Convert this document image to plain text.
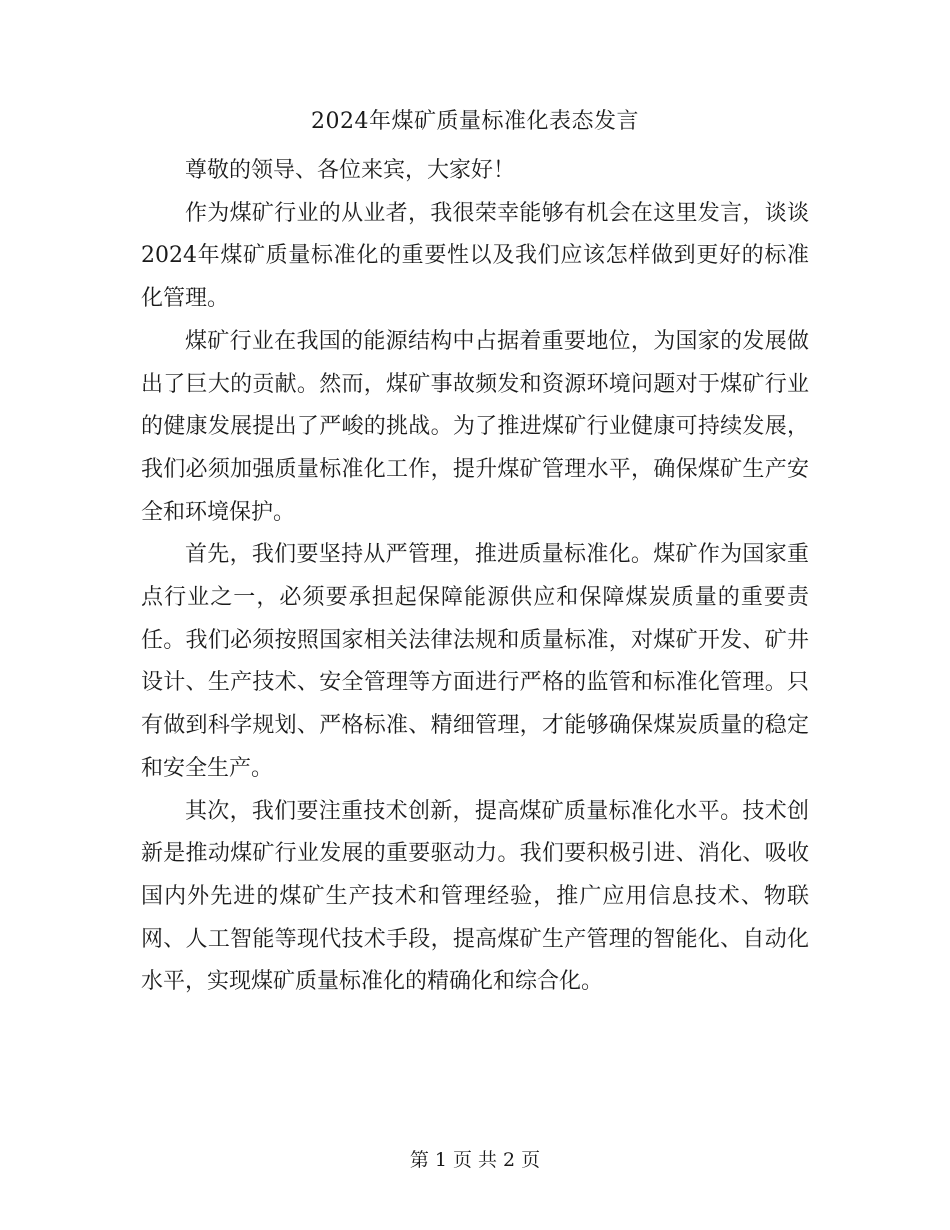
2024年煤矿质量标准化表态发言

尊敬的领导、各位来宾，大家好！

作为煤矿行业的从业者，我很荣幸能够有机会在这里发言，谈谈2024年煤矿质量标准化的重要性以及我们应该怎样做到更好的标准化管理。

煤矿行业在我国的能源结构中占据着重要地位，为国家的发展做出了巨大的贡献。然而，煤矿事故频发和资源环境问题对于煤矿行业的健康发展提出了严峻的挑战。为了推进煤矿行业健康可持续发展，我们必须加强质量标准化工作，提升煤矿管理水平，确保煤矿生产安全和环境保护。

首先，我们要坚持从严管理，推进质量标准化。煤矿作为国家重点行业之一，必须要承担起保障能源供应和保障煤炭质量的重要责任。我们必须按照国家相关法律法规和质量标准，对煤矿开发、矿井设计、生产技术、安全管理等方面进行严格的监管和标准化管理。只有做到科学规划、严格标准、精细管理，才能够确保煤炭质量的稳定和安全生产。

其次，我们要注重技术创新，提高煤矿质量标准化水平。技术创新是推动煤矿行业发展的重要驱动力。我们要积极引进、消化、吸收国内外先进的煤矿生产技术和管理经验，推广应用信息技术、物联网、人工智能等现代技术手段，提高煤矿生产管理的智能化、自动化水平，实现煤矿质量标准化的精确化和综合化。

第 1 页 共 2 页
